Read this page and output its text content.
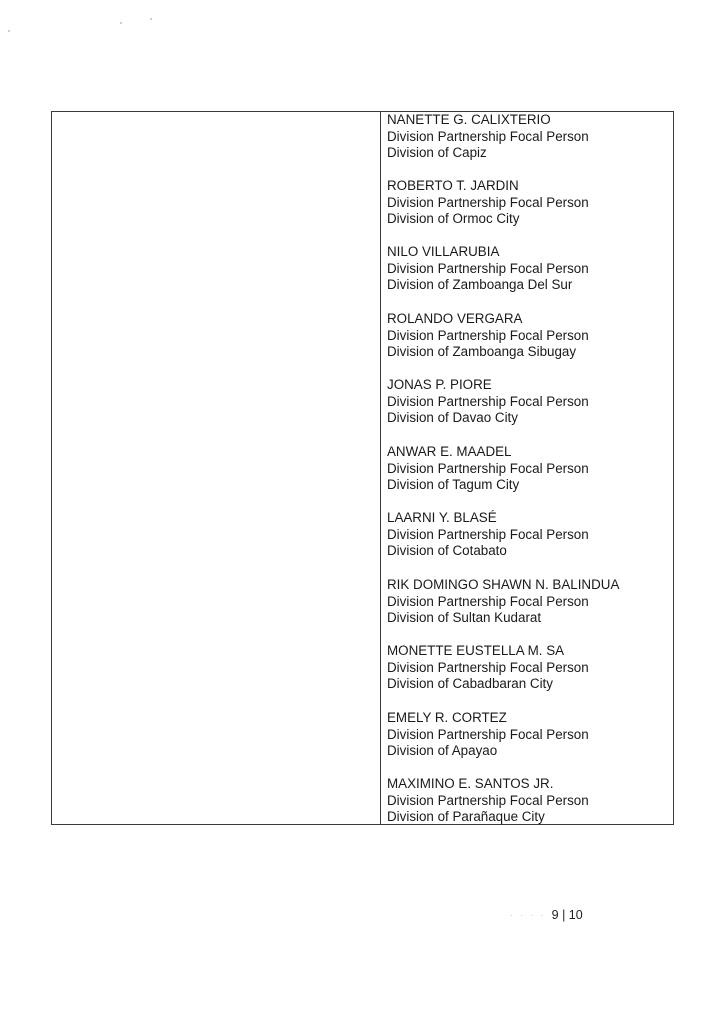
NANETTE G. CALIXTERIO
Division Partnership Focal Person
Division of Capiz
ROBERTO T. JARDIN
Division Partnership Focal Person
Division of Ormoc City
NILO VILLARUBIA
Division Partnership Focal Person
Division of Zamboanga Del Sur
ROLANDO VERGARA
Division Partnership Focal Person
Division of Zamboanga Sibugay
JONAS P. PIORE
Division Partnership Focal Person
Division of Davao City
ANWAR E. MAADEL
Division Partnership Focal Person
Division of Tagum City
LAARNI Y. BLASÉ
Division Partnership Focal Person
Division of Cotabato
RIK DOMINGO SHAWN N. BALINDUA
Division Partnership Focal Person
Division of Sultan Kudarat
MONETTE EUSTELLA M. SA
Division Partnership Focal Person
Division of Cabadbaran City
EMELY R. CORTEZ
Division Partnership Focal Person
Division of Apayao
MAXIMINO E. SANTOS JR.
Division Partnership Focal Person
Division of Parañaque City
· · · · 9 | 10
